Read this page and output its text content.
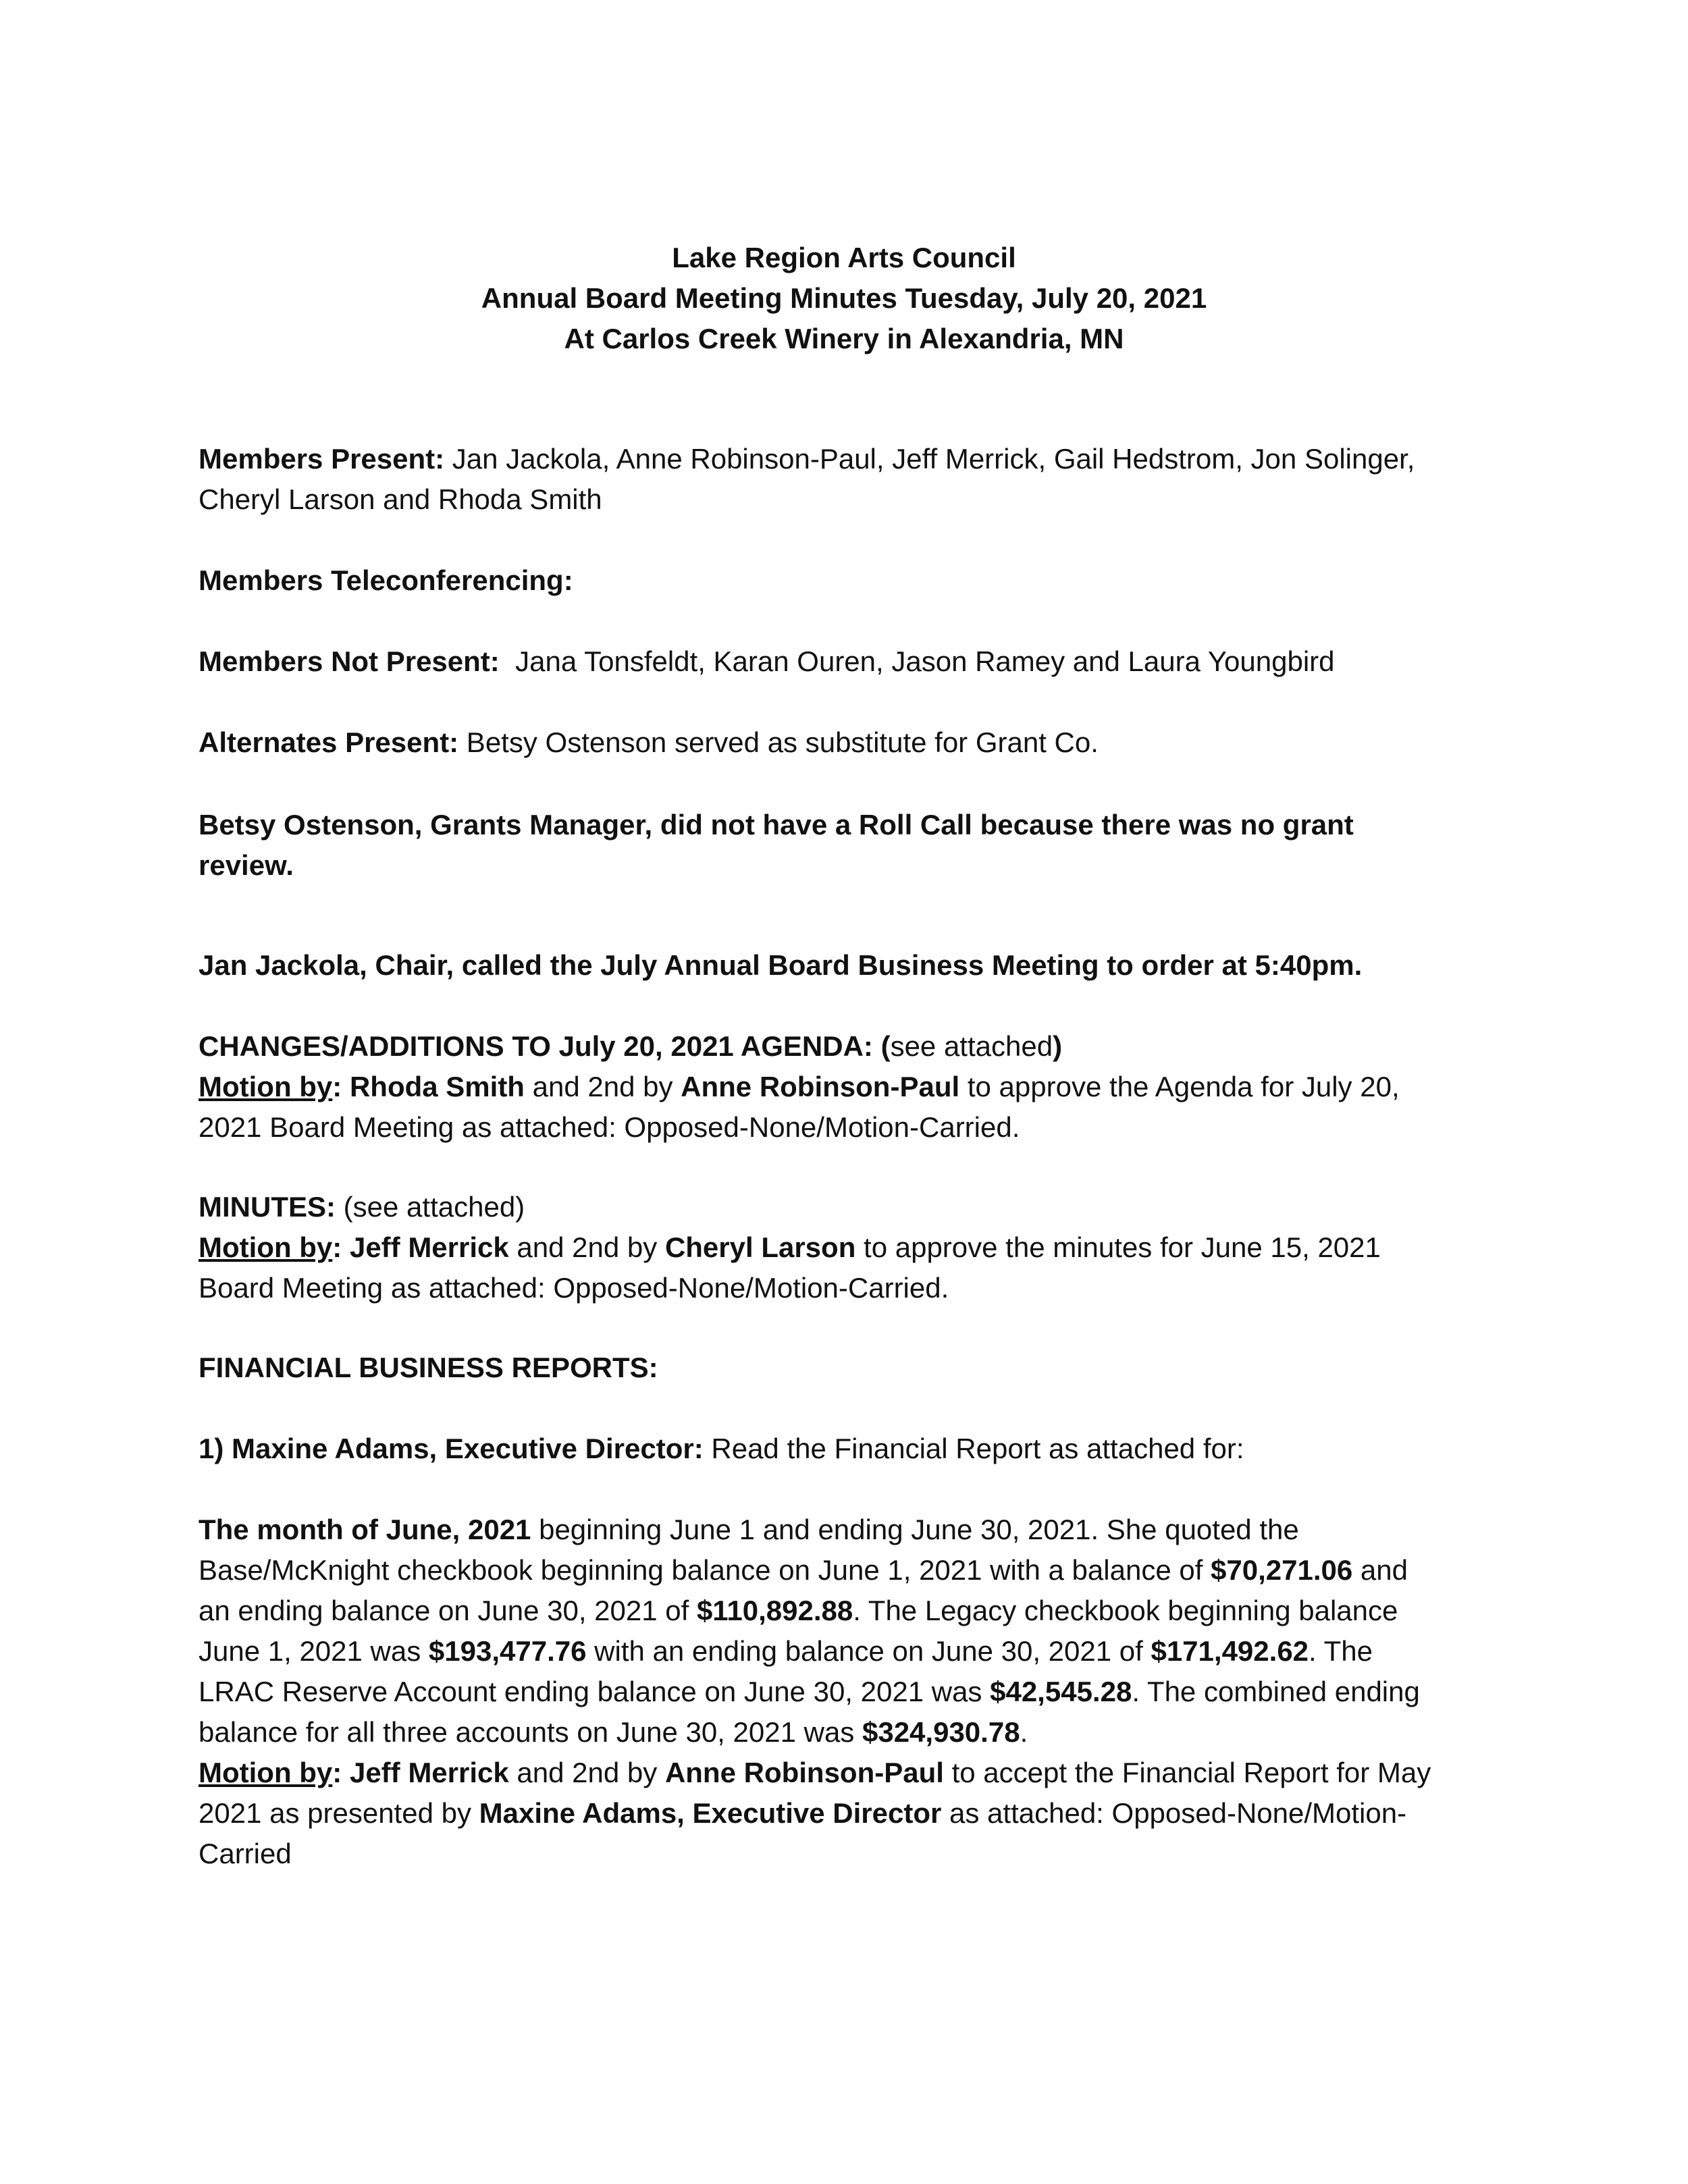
Lake Region Arts Council
Annual Board Meeting Minutes Tuesday, July 20, 2021
At Carlos Creek Winery in Alexandria, MN
Members Present: Jan Jackola, Anne Robinson-Paul, Jeff Merrick, Gail Hedstrom, Jon Solinger,
Cheryl Larson and Rhoda Smith
Members Teleconferencing:
Members Not Present:  Jana Tonsfeldt, Karan Ouren, Jason Ramey and Laura Youngbird
Alternates Present: Betsy Ostenson served as substitute for Grant Co.
Betsy Ostenson, Grants Manager, did not have a Roll Call because there was no grant
review.
Jan Jackola, Chair, called the July Annual Board Business Meeting to order at 5:40pm.
CHANGES/ADDITIONS TO July 20, 2021 AGENDA: (see attached)
Motion by: Rhoda Smith and 2nd by Anne Robinson-Paul to approve the Agenda for July 20,
2021 Board Meeting as attached: Opposed-None/Motion-Carried.
MINUTES: (see attached)
Motion by: Jeff Merrick and 2nd by Cheryl Larson to approve the minutes for June 15, 2021
Board Meeting as attached: Opposed-None/Motion-Carried.
FINANCIAL BUSINESS REPORTS:
1) Maxine Adams, Executive Director: Read the Financial Report as attached for:
The month of June, 2021 beginning June 1 and ending June 30, 2021. She quoted the
Base/McKnight checkbook beginning balance on June 1, 2021 with a balance of $70,271.06 and
an ending balance on June 30, 2021 of $110,892.88. The Legacy checkbook beginning balance
June 1, 2021 was $193,477.76 with an ending balance on June 30, 2021 of $171,492.62. The
LRAC Reserve Account ending balance on June 30, 2021 was $42,545.28. The combined ending
balance for all three accounts on June 30, 2021 was $324,930.78.
Motion by: Jeff Merrick and 2nd by Anne Robinson-Paul to accept the Financial Report for May
2021 as presented by Maxine Adams, Executive Director as attached: Opposed-None/Motion-
Carried
